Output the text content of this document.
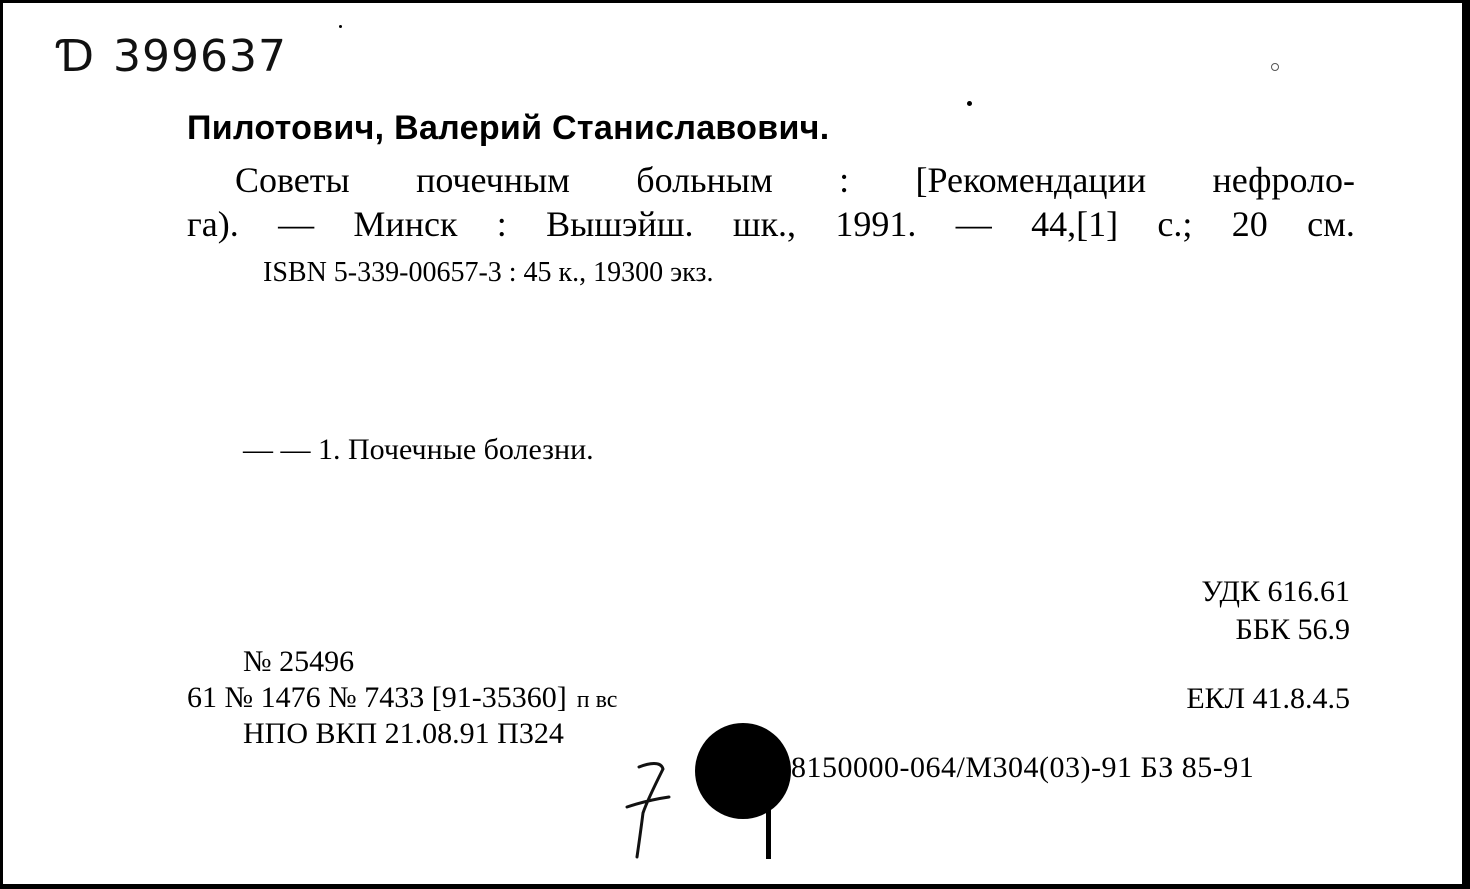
Ɗ 399637
Пилотович, Валерий Станиславович.
Советы почечным больным : [Рекомендации нефроло-
га). — Минск : Вышэйш. шк., 1991. — 44,[1] с.; 20 см.
ISBN 5-339-00657-3 : 45 к., 19300 экз.
— — 1. Почечные болезни.
УДК 616.61
ББК 56.9
ЕКЛ 41.8.4.5
№ 25496
61 № 1476 № 7433 [91-35360] п вс
НПО ВКП 21.08.91 П324
8150000-064/М304(03)-91 БЗ 85-91
